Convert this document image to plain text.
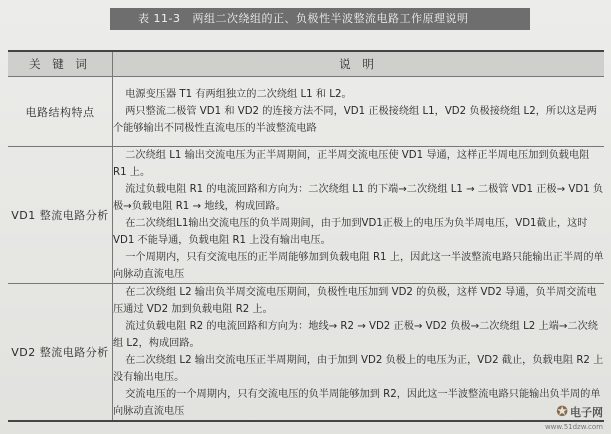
表 11-3 两组二次绕组的正、负极性半波整流电路工作原理说明
关 键 词	说 明
电路结构特点	电源变压器 T1 有两组独立的二次绕组 L1 和 L2。

两只整流二极管 VD1 和 VD2 的连接方法不同，VD1 正极接绕组 L1，VD2 负极接绕组 L2，所以这是两个能够输出不同极性直流电压的半波整流电路

VD1 整流电路分析	二次绕组 L1 输出交流电压为正半周期间，正半周交流电压使 VD1 导通，这样正半周电压加到负载电阻 R1 上。

流过负载电阻 R1 的电流回路和方向为：二次绕组 L1 的下端→二次绕组 L1 → 二极管 VD1 正极→ VD1 负极→负载电阻 R1 → 地线，构成回路。

在二次绕组L1输出交流电压的负半周期间，由于加到VD1正极上的电压为负半周电压，VD1截止，这时 VD1 不能导通，负载电阻 R1 上没有输出电压。

一个周期内，只有交流电压的正半周能够加到负载电阻 R1 上，因此这一半波整流电路只能输出正半周的单向脉动直流电压

VD2 整流电路分析	在二次绕组 L2 输出负半周交流电压期间，负极性电压加到 VD2 的负极，这样 VD2 导通，负半周交流电压通过 VD2 加到负载电阻 R2 上。

流过负载电阻 R2 的电流回路和方向为：地线→ R2 → VD2 正极→ VD2 负极→二次绕组 L2 上端→二次绕组 L2，构成回路。

在二次绕组 L2 输出交流电压正半周期间，由于加到 VD2 负极上的电压为正，VD2 截止，负载电阻 R2 上没有输出电压。

交流电压的一个周期内，只有交流电压的负半周能够加到 R2，因此这一半波整流电路只能输出负半周的单向脉动直流电压	✪ 电子网
www.51dzw.com
